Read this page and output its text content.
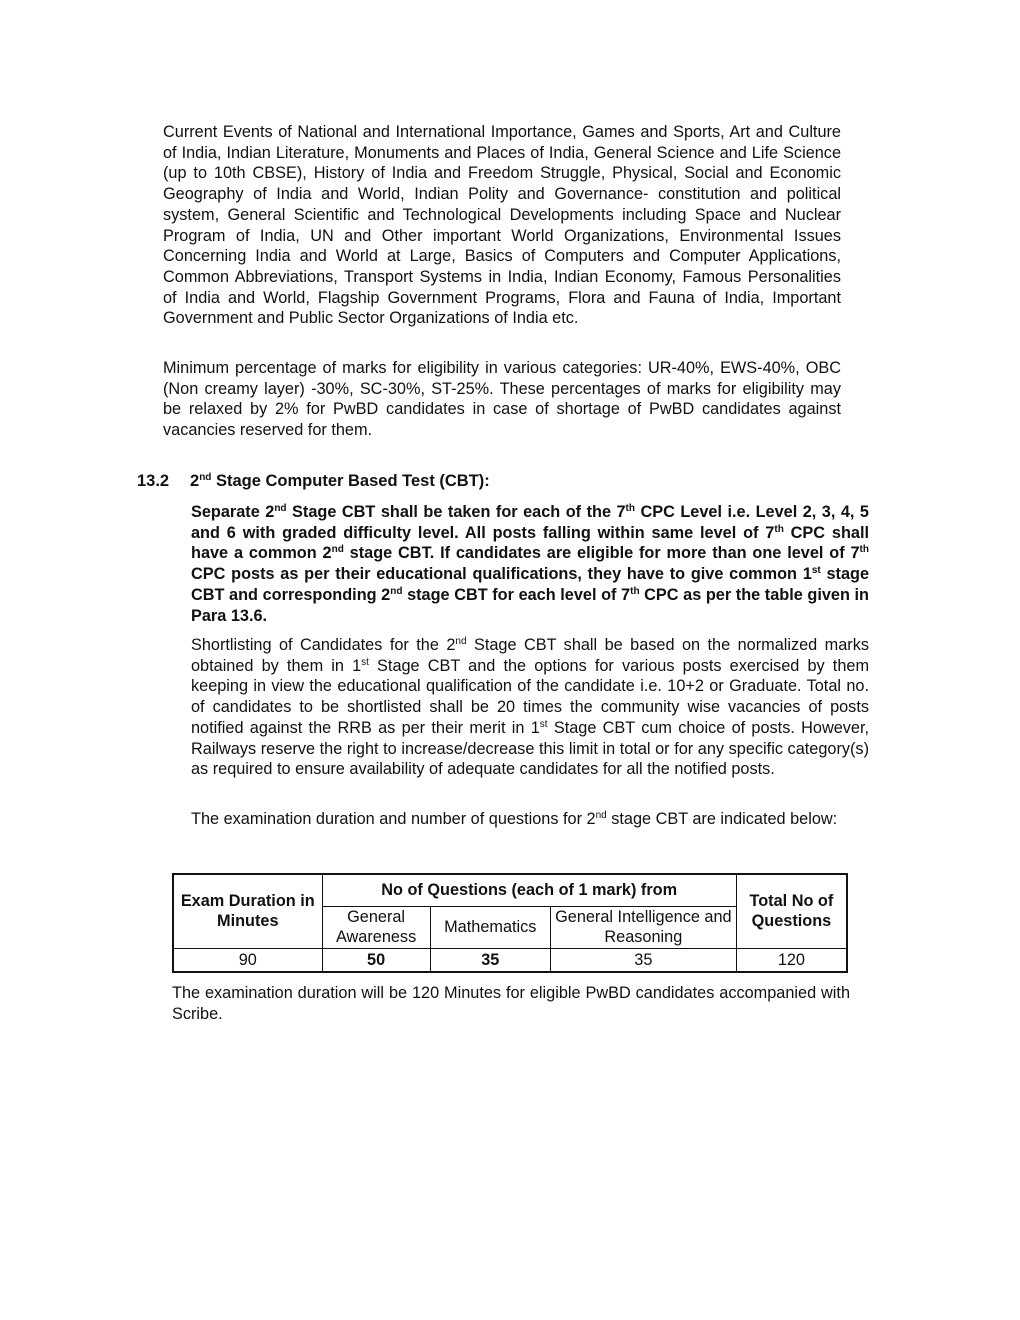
Current Events of National and International Importance, Games and Sports, Art and Culture of India, Indian Literature, Monuments and Places of India, General Science and Life Science (up to 10th CBSE), History of India and Freedom Struggle, Physical, Social and Economic Geography of India and World, Indian Polity and Governance- constitution and political system, General Scientific and Technological Developments including Space and Nuclear Program of India, UN and Other important World Organizations, Environmental Issues Concerning India and World at Large, Basics of Computers and Computer Applications, Common Abbreviations, Transport Systems in India, Indian Economy, Famous Personalities of India and World, Flagship Government Programs, Flora and Fauna of India, Important Government and Public Sector Organizations of India etc.

Minimum percentage of marks for eligibility in various categories: UR-40%, EWS-40%, OBC (Non creamy layer) -30%, SC-30%, ST-25%. These percentages of marks for eligibility may be relaxed by 2% for PwBD candidates in case of shortage of PwBD candidates against vacancies reserved for them.

13.2 2nd Stage Computer Based Test (CBT):

Separate 2nd Stage CBT shall be taken for each of the 7th CPC Level i.e. Level 2, 3, 4, 5 and 6 with graded difficulty level. All posts falling within same level of 7th CPC shall have a common 2nd stage CBT. If candidates are eligible for more than one level of 7th CPC posts as per their educational qualifications, they have to give common 1st stage CBT and corresponding 2nd stage CBT for each level of 7th CPC as per the table given in Para 13.6.

Shortlisting of Candidates for the 2nd Stage CBT shall be based on the normalized marks obtained by them in 1st Stage CBT and the options for various posts exercised by them keeping in view the educational qualification of the candidate i.e. 10+2 or Graduate. Total no. of candidates to be shortlisted shall be 20 times the community wise vacancies of posts notified against the RRB as per their merit in 1st Stage CBT cum choice of posts. However, Railways reserve the right to increase/decrease this limit in total or for any specific category(s) as required to ensure availability of adequate candidates for all the notified posts.

The examination duration and number of questions for 2nd stage CBT are indicated below:

Exam Duration in Minutes	No of Questions (each of 1 mark) from			Total No of Questions
	General Awareness	Mathematics	General Intelligence and Reasoning	
90	50	35	35	120

The examination duration will be 120 Minutes for eligible PwBD candidates accompanied with Scribe.
